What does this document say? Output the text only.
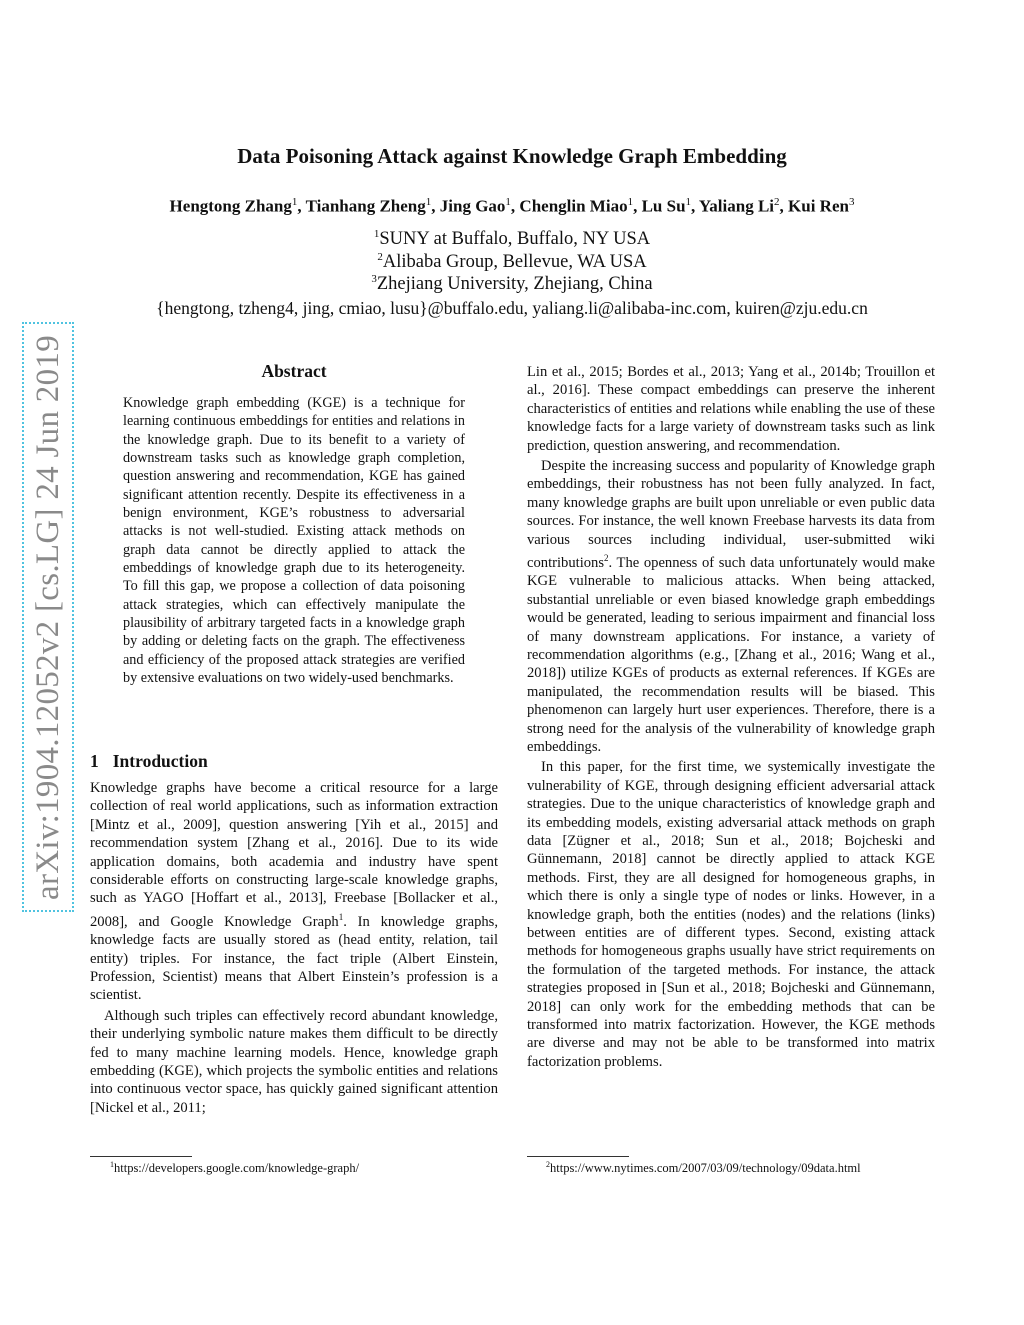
arXiv:1904.12052v2 [cs.LG] 24 Jun 2019
Data Poisoning Attack against Knowledge Graph Embedding
Hengtong Zhang$^1$, Tianhang Zheng$^1$, Jing Gao$^1$, Chenglin Miao$^1$, Lu Su$^1$, Yaliang Li$^2$, Kui Ren$^3$
$^1$SUNY at Buffalo, Buffalo, NY USA
$^2$Alibaba Group, Bellevue, WA USA
$^3$Zhejiang University, Zhejiang, China
{hengtong, tzheng4, jing, cmiao, lusu}@buffalo.edu, yaliang.li@alibaba-inc.com, kuiren@zju.edu.cn
Abstract
Knowledge graph embedding (KGE) is a technique for learning continuous embeddings for entities and relations in the knowledge graph. Due to its benefit to a variety of downstream tasks such as knowledge graph completion, question answering and recommendation, KGE has gained significant attention recently. Despite its effectiveness in a benign environment, KGE’s robustness to adversarial attacks is not well-studied. Existing attack methods on graph data cannot be directly applied to attack the embeddings of knowledge graph due to its heterogeneity. To fill this gap, we propose a collection of data poisoning attack strategies, which can effectively manipulate the plausibility of arbitrary targeted facts in a knowledge graph by adding or deleting facts on the graph. The effectiveness and efficiency of the proposed attack strategies are verified by extensive evaluations on two widely-used benchmarks.
1 Introduction

Knowledge graphs have become a critical resource for a large collection of real world applications, such as information extraction [Mintz et al., 2009], question answering [Yih et al., 2015] and recommendation system [Zhang et al., 2016]. Due to its wide application domains, both academia and industry have spent considerable efforts on constructing large-scale knowledge graphs, such as YAGO [Hoffart et al., 2013], Freebase [Bollacker et al., 2008], and Google Knowledge Graph$^1$. In knowledge graphs, knowledge facts are usually stored as (head entity, relation, tail entity) triples. For instance, the fact triple (Albert Einstein, Profession, Scientist) means that Albert Einstein’s profession is a scientist.

Although such triples can effectively record abundant knowledge, their underlying symbolic nature makes them difficult to be directly fed to many machine learning models. Hence, knowledge graph embedding (KGE), which projects the symbolic entities and relations into continuous vector space, has quickly gained significant attention [Nickel et al., 2011;

Lin et al., 2015; Bordes et al., 2013; Yang et al., 2014b; Trouillon et al., 2016]. These compact embeddings can preserve the inherent characteristics of entities and relations while enabling the use of these knowledge facts for a large variety of downstream tasks such as link prediction, question answering, and recommendation.

Despite the increasing success and popularity of Knowledge graph embeddings, their robustness has not been fully analyzed. In fact, many knowledge graphs are built upon unreliable or even public data sources. For instance, the well known Freebase harvests its data from various sources including individual, user-submitted wiki contributions$^2$. The openness of such data unfortunately would make KGE vulnerable to malicious attacks. When being attacked, substantial unreliable or even biased knowledge graph embeddings would be generated, leading to serious impairment and financial loss of many downstream applications. For instance, a variety of recommendation algorithms (e.g., [Zhang et al., 2016; Wang et al., 2018]) utilize KGEs of products as external references. If KGEs are manipulated, the recommendation results will be biased. This phenomenon can largely hurt user experiences. Therefore, there is a strong need for the analysis of the vulnerability of knowledge graph embeddings.

In this paper, for the first time, we systemically investigate the vulnerability of KGE, through designing efficient adversarial attack strategies. Due to the unique characteristics of knowledge graph and its embedding models, existing adversarial attack methods on graph data [Zügner et al., 2018; Sun et al., 2018; Bojcheski and Günnemann, 2018] cannot be directly applied to attack KGE methods. First, they are all designed for homogeneous graphs, in which there is only a single type of nodes or links. However, in a knowledge graph, both the entities (nodes) and the relations (links) between entities are of different types. Second, existing attack methods for homogeneous graphs usually have strict requirements on the formulation of the targeted methods. For instance, the attack strategies proposed in [Sun et al., 2018; Bojcheski and Günnemann, 2018] can only work for the embedding methods that can be transformed into matrix factorization. However, the KGE methods are diverse and may not be able to be transformed into matrix factorization problems.

$^1$https://developers.google.com/knowledge-graph/	$^2$https://www.nytimes.com/2007/03/09/technology/09data.html
